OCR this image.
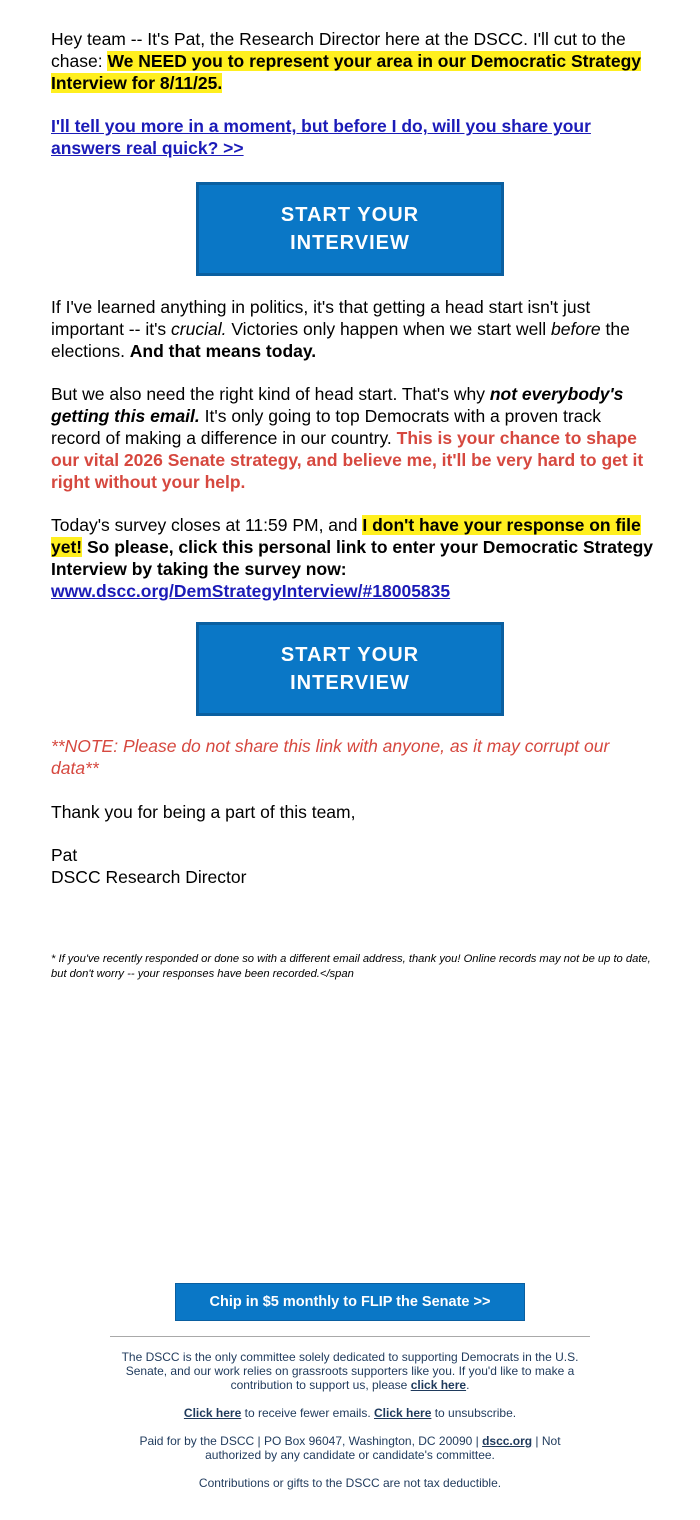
Hey team -- It's Pat, the Research Director here at the DSCC. I'll cut to the chase: We NEED you to represent your area in our Democratic Strategy Interview for 8/11/25.

I'll tell you more in a moment, but before I do, will you share your answers real quick? >>

START YOUR
INTERVIEW

If I've learned anything in politics, it's that getting a head start isn't just important -- it's crucial. Victories only happen when we start well before the elections. And that means today.

But we also need the right kind of head start. That's why not everybody's getting this email. It's only going to top Democrats with a proven track record of making a difference in our country. This is your chance to shape our vital 2026 Senate strategy, and believe me, it'll be very hard to get it right without your help.

Today's survey closes at 11:59 PM, and I don't have your response on file yet! So please, click this personal link to enter your Democratic Strategy Interview by taking the survey now:
www.dscc.org/DemStrategyInterview/#18005835

START YOUR
INTERVIEW

**NOTE: Please do not share this link with anyone, as it may corrupt our data**

Thank you for being a part of this team,

Pat

DSCC Research Director

* If you've recently responded or done so with a different email address, thank you! Online records may not be up to date, but don't worry -- your responses have been recorded.</span

Chip in $5 monthly to FLIP the Senate >>

The DSCC is the only committee solely dedicated to supporting Democrats in the U.S. Senate, and our work relies on grassroots supporters like you. If you'd like to make a contribution to support us, please click here.

Click here to receive fewer emails. Click here to unsubscribe.

Paid for by the DSCC | PO Box 96047, Washington, DC 20090 | dscc.org | Not authorized by any candidate or candidate's committee.

Contributions or gifts to the DSCC are not tax deductible.
